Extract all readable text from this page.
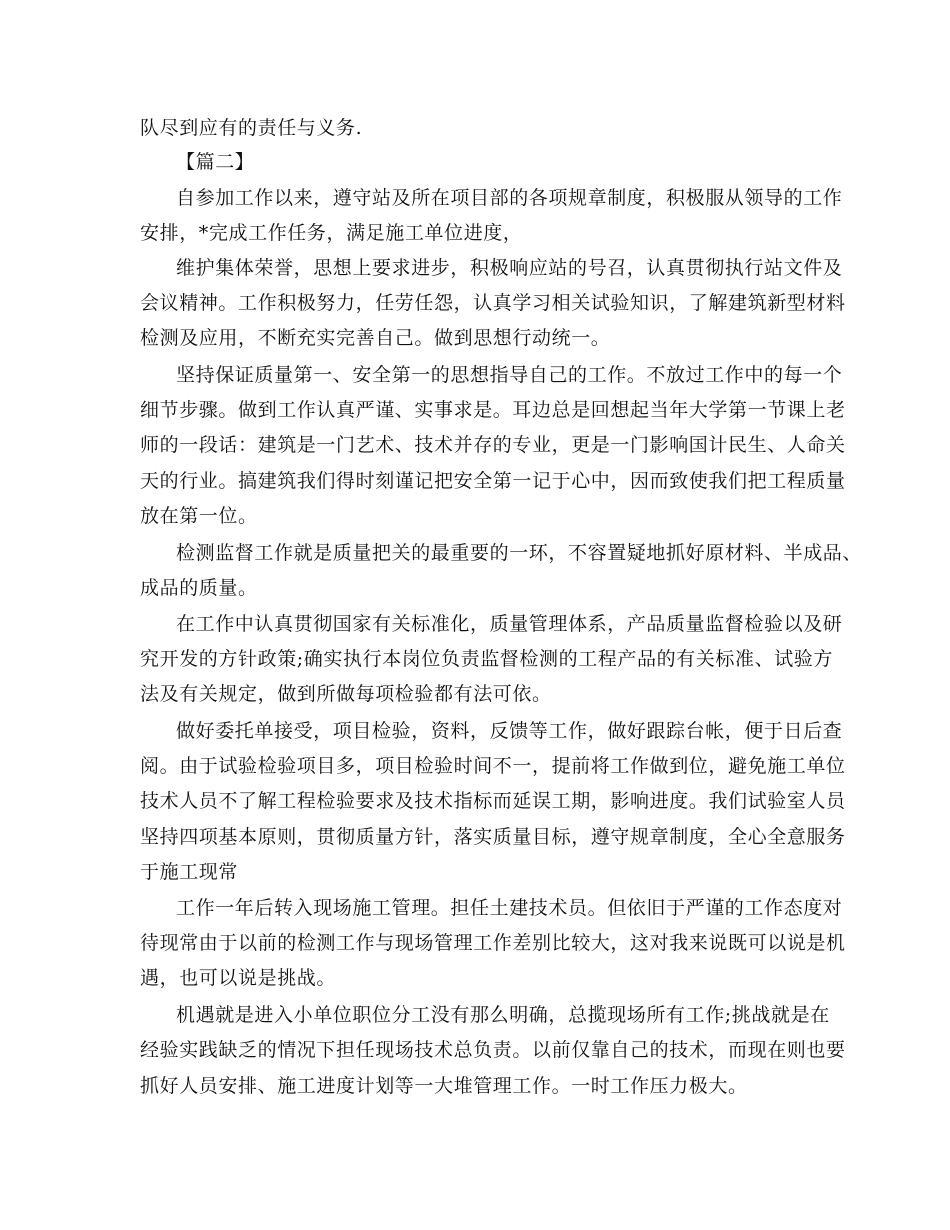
队尽到应有的责任与义务.
【篇二】
自参加工作以来，遵守站及所在项目部的各项规章制度，积极服从领导的工作
安排，*完成工作任务，满足施工单位进度，
维护集体荣誉，思想上要求进步，积极响应站的号召，认真贯彻执行站文件及
会议精神。工作积极努力，任劳任怨，认真学习相关试验知识，了解建筑新型材料
检测及应用，不断充实完善自己。做到思想行动统一。
坚持保证质量第一、安全第一的思想指导自己的工作。不放过工作中的每一个
细节步骤。做到工作认真严谨、实事求是。耳边总是回想起当年大学第一节课上老
师的一段话：建筑是一门艺术、技术并存的专业，更是一门影响国计民生、人命关
天的行业。搞建筑我们得时刻谨记把安全第一记于心中，因而致使我们把工程质量
放在第一位。
检测监督工作就是质量把关的最重要的一环，不容置疑地抓好原材料、半成品、
成品的质量。
在工作中认真贯彻国家有关标准化，质量管理体系，产品质量监督检验以及研
究开发的方针政策;确实执行本岗位负责监督检测的工程产品的有关标准、试验方
法及有关规定，做到所做每项检验都有法可依。
做好委托单接受，项目检验，资料，反馈等工作，做好跟踪台帐，便于日后查
阅。由于试验检验项目多，项目检验时间不一，提前将工作做到位，避免施工单位
技术人员不了解工程检验要求及技术指标而延误工期，影响进度。我们试验室人员
坚持四项基本原则，贯彻质量方针，落实质量目标，遵守规章制度，全心全意服务
于施工现常
工作一年后转入现场施工管理。担任土建技术员。但依旧于严谨的工作态度对
待现常由于以前的检测工作与现场管理工作差别比较大，这对我来说既可以说是机
遇，也可以说是挑战。
机遇就是进入小单位职位分工没有那么明确，总揽现场所有工作;挑战就是在
经验实践缺乏的情况下担任现场技术总负责。以前仅靠自己的技术，而现在则也要
抓好人员安排、施工进度计划等一大堆管理工作。一时工作压力极大。
